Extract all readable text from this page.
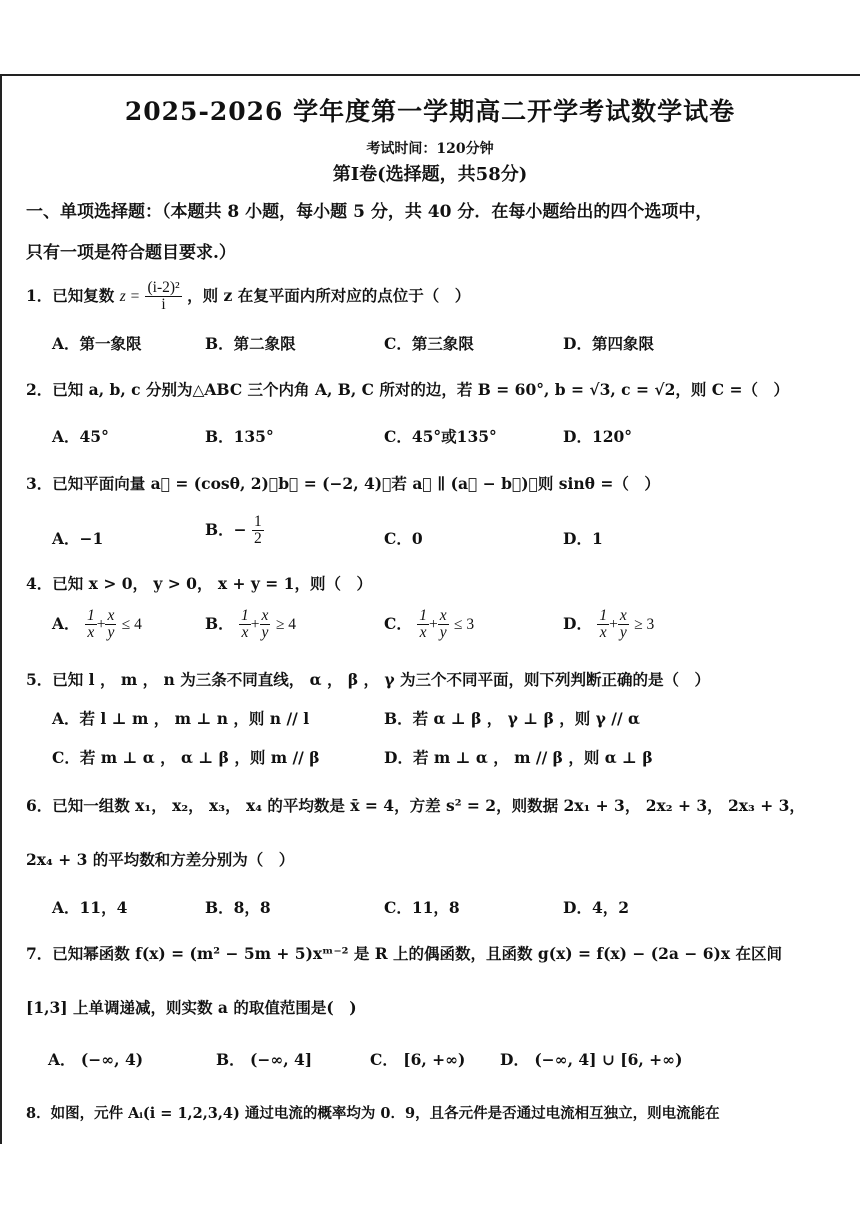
2025-2026 学年度第一学期高二开学考试数学试卷
考试时间：120分钟
第Ⅰ卷(选择题，共58分)
一、单项选择题：（本题共 8 小题，每小题 5 分，共 40 分．在每小题给出的四个选项中，
只有一项是符合题目要求.）
1．已知复数 $z = \frac{\text{(i-2)²}}{i}$ ，则 z 在复平面内所对应的点位于（　）
A．第一象限	B．第二象限	C．第三象限	D．第四象限
2．已知 a, b, c 分别为△ABC 三个内角 A, B, C 所对的边，若 B = 60°, b = √3, c = √2，则 C =（　）
A．45°	B．135°	C．45°或135°	D．120°
3．已知平面向量 a⃗ = (cosθ, 2)，b⃗ = (−2, 4)，若 a⃗ ∥ (a⃗ − b⃗)，则 sinθ =（　）
A．−1	B．− $\frac{1}{2}$	C．0	D．1
4．已知 x > 0， y > 0， x + y = 1，则（　）
A． $\frac{1}{x} + \frac{x}{y} \le 4$	B． $\frac{1}{x} + \frac{x}{y} \ge 4$	C． $\frac{1}{x} + \frac{x}{y} \le 3$	D． $\frac{1}{x} + \frac{x}{y} \ge 3$
5．已知 l ， m ， n 为三条不同直线， α ， β ， γ 为三个不同平面，则下列判断正确的是（　）
A．若 l ⊥ m ， m ⊥ n ，则 n // l	B．若 α ⊥ β ， γ ⊥ β ，则 γ // α
C．若 m ⊥ α ， α ⊥ β ，则 m // β	D．若 m ⊥ α ， m // β ，则 α ⊥ β
6．已知一组数 x₁， x₂， x₃， x₄ 的平均数是 x̄ = 4，方差 s² = 2，则数据 2x₁ + 3， 2x₂ + 3， 2x₃ + 3，
2x₄ + 3 的平均数和方差分别为（　）
A．11，4	B．8，8	C．11，8	D．4，2
7．已知幂函数 f(x) = (m² − 5m + 5)xᵐ⁻² 是 R 上的偶函数，且函数 g(x) = f(x) − (2a − 6)x 在区间
[1,3] 上单调递减，则实数 a 的取值范围是(　)
A． (−∞, 4)	B． (−∞, 4]	C． [6, +∞) D． (−∞, 4] ∪ [6, +∞)
8．如图，元件 Aᵢ(i = 1,2,3,4) 通过电流的概率均为 0．9，且各元件是否通过电流相互独立，则电流能在
